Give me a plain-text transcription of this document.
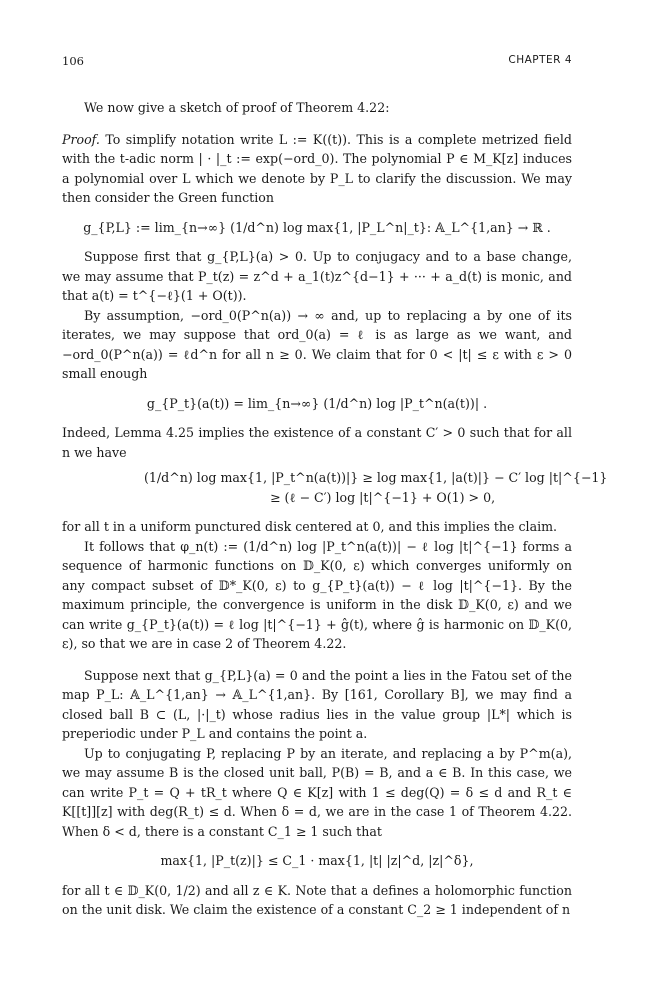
106	CHAPTER 4

We now give a sketch of proof of Theorem 4.22:

Proof. To simplify notation write L := K((t)). This is a complete metrized field with the t-adic norm | · |_t := exp(−ord_0). The polynomial P ∈ M_K[z] induces a polynomial over L which we denote by P_L to clarify the discussion. We may then consider the Green function

g_{P,L} := lim_{n→∞} (1/d^n) log max{1, |P_L^n|_t}: 𝔸_L^{1,an} → ℝ .

Suppose first that g_{P,L}(a) > 0. Up to conjugacy and to a base change, we may assume that P_t(z) = z^d + a_1(t)z^{d−1} + ··· + a_d(t) is monic, and that a(t) = t^{−ℓ}(1 + O(t)).

By assumption, −ord_0(P^n(a)) → ∞ and, up to replacing a by one of its iterates, we may suppose that ord_0(a) = ℓ is as large as we want, and −ord_0(P^n(a)) = ℓd^n for all n ≥ 0. We claim that for 0 < |t| ≤ ε with ε > 0 small enough

g_{P_t}(a(t)) = lim_{n→∞} (1/d^n) log |P_t^n(a(t))| .

Indeed, Lemma 4.25 implies the existence of a constant C′ > 0 such that for all n we have

(1/d^n) log max{1, |P_t^n(a(t))|} ≥ log max{1, |a(t)|} − C′ log |t|^{−1}
≥ (ℓ − C′) log |t|^{−1} + O(1) > 0,

for all t in a uniform punctured disk centered at 0, and this implies the claim.

It follows that φ_n(t) := (1/d^n) log |P_t^n(a(t))| − ℓ log |t|^{−1} forms a sequence of harmonic functions on 𝔻_K(0, ε) which converges uniformly on any compact subset of 𝔻*_K(0, ε) to g_{P_t}(a(t)) − ℓ log |t|^{−1}. By the maximum principle, the convergence is uniform in the disk 𝔻_K(0, ε) and we can write g_{P_t}(a(t)) = ℓ log |t|^{−1} + ĝ(t), where ĝ is harmonic on 𝔻_K(0, ε), so that we are in case 2 of Theorem 4.22.

Suppose next that g_{P,L}(a) = 0 and the point a lies in the Fatou set of the map P_L: 𝔸_L^{1,an} → 𝔸_L^{1,an}. By [161, Corollary B], we may find a closed ball B ⊂ (L, |·|_t) whose radius lies in the value group |L*| which is preperiodic under P_L and contains the point a.

Up to conjugating P, replacing P by an iterate, and replacing a by P^m(a), we may assume B is the closed unit ball, P(B) = B, and a ∈ B. In this case, we can write P_t = Q + tR_t where Q ∈ K[z] with 1 ≤ deg(Q) = δ ≤ d and R_t ∈ K[[t]][z] with deg(R_t) ≤ d. When δ = d, we are in the case 1 of Theorem 4.22. When δ < d, there is a constant C_1 ≥ 1 such that

max{1, |P_t(z)|} ≤ C_1 · max{1, |t| |z|^d, |z|^δ},

for all t ∈ 𝔻_K(0, 1/2) and all z ∈ K. Note that a defines a holomorphic function on the unit disk. We claim the existence of a constant C_2 ≥ 1 independent of n
